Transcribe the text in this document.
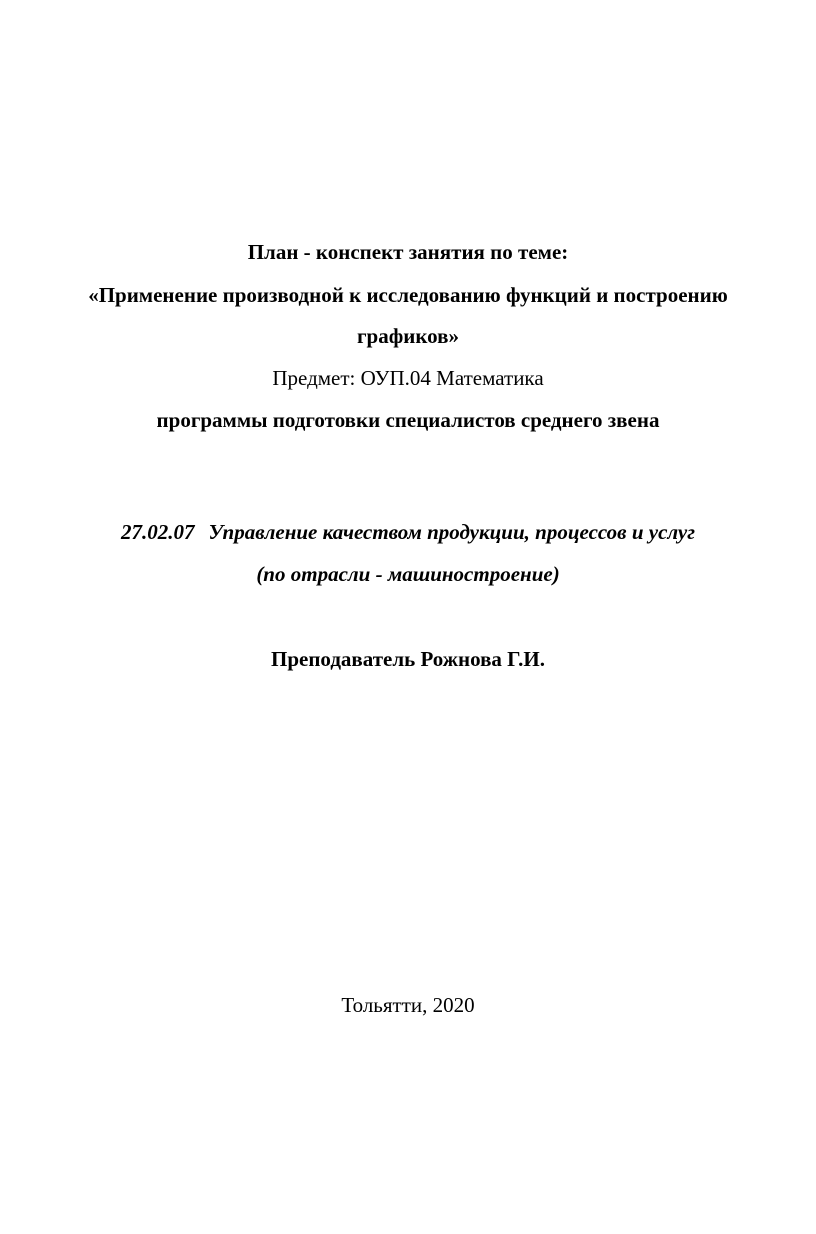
План - конспект занятия по теме:
«Применение производной к исследованию функций и построению
графиков»
Предмет: ОУП.04 Математика
программы подготовки специалистов среднего звена
27.02.07 Управление качеством продукции, процессов и услуг
(по отрасли - машиностроение)
Преподаватель Рожнова Г.И.
Тольятти, 2020
